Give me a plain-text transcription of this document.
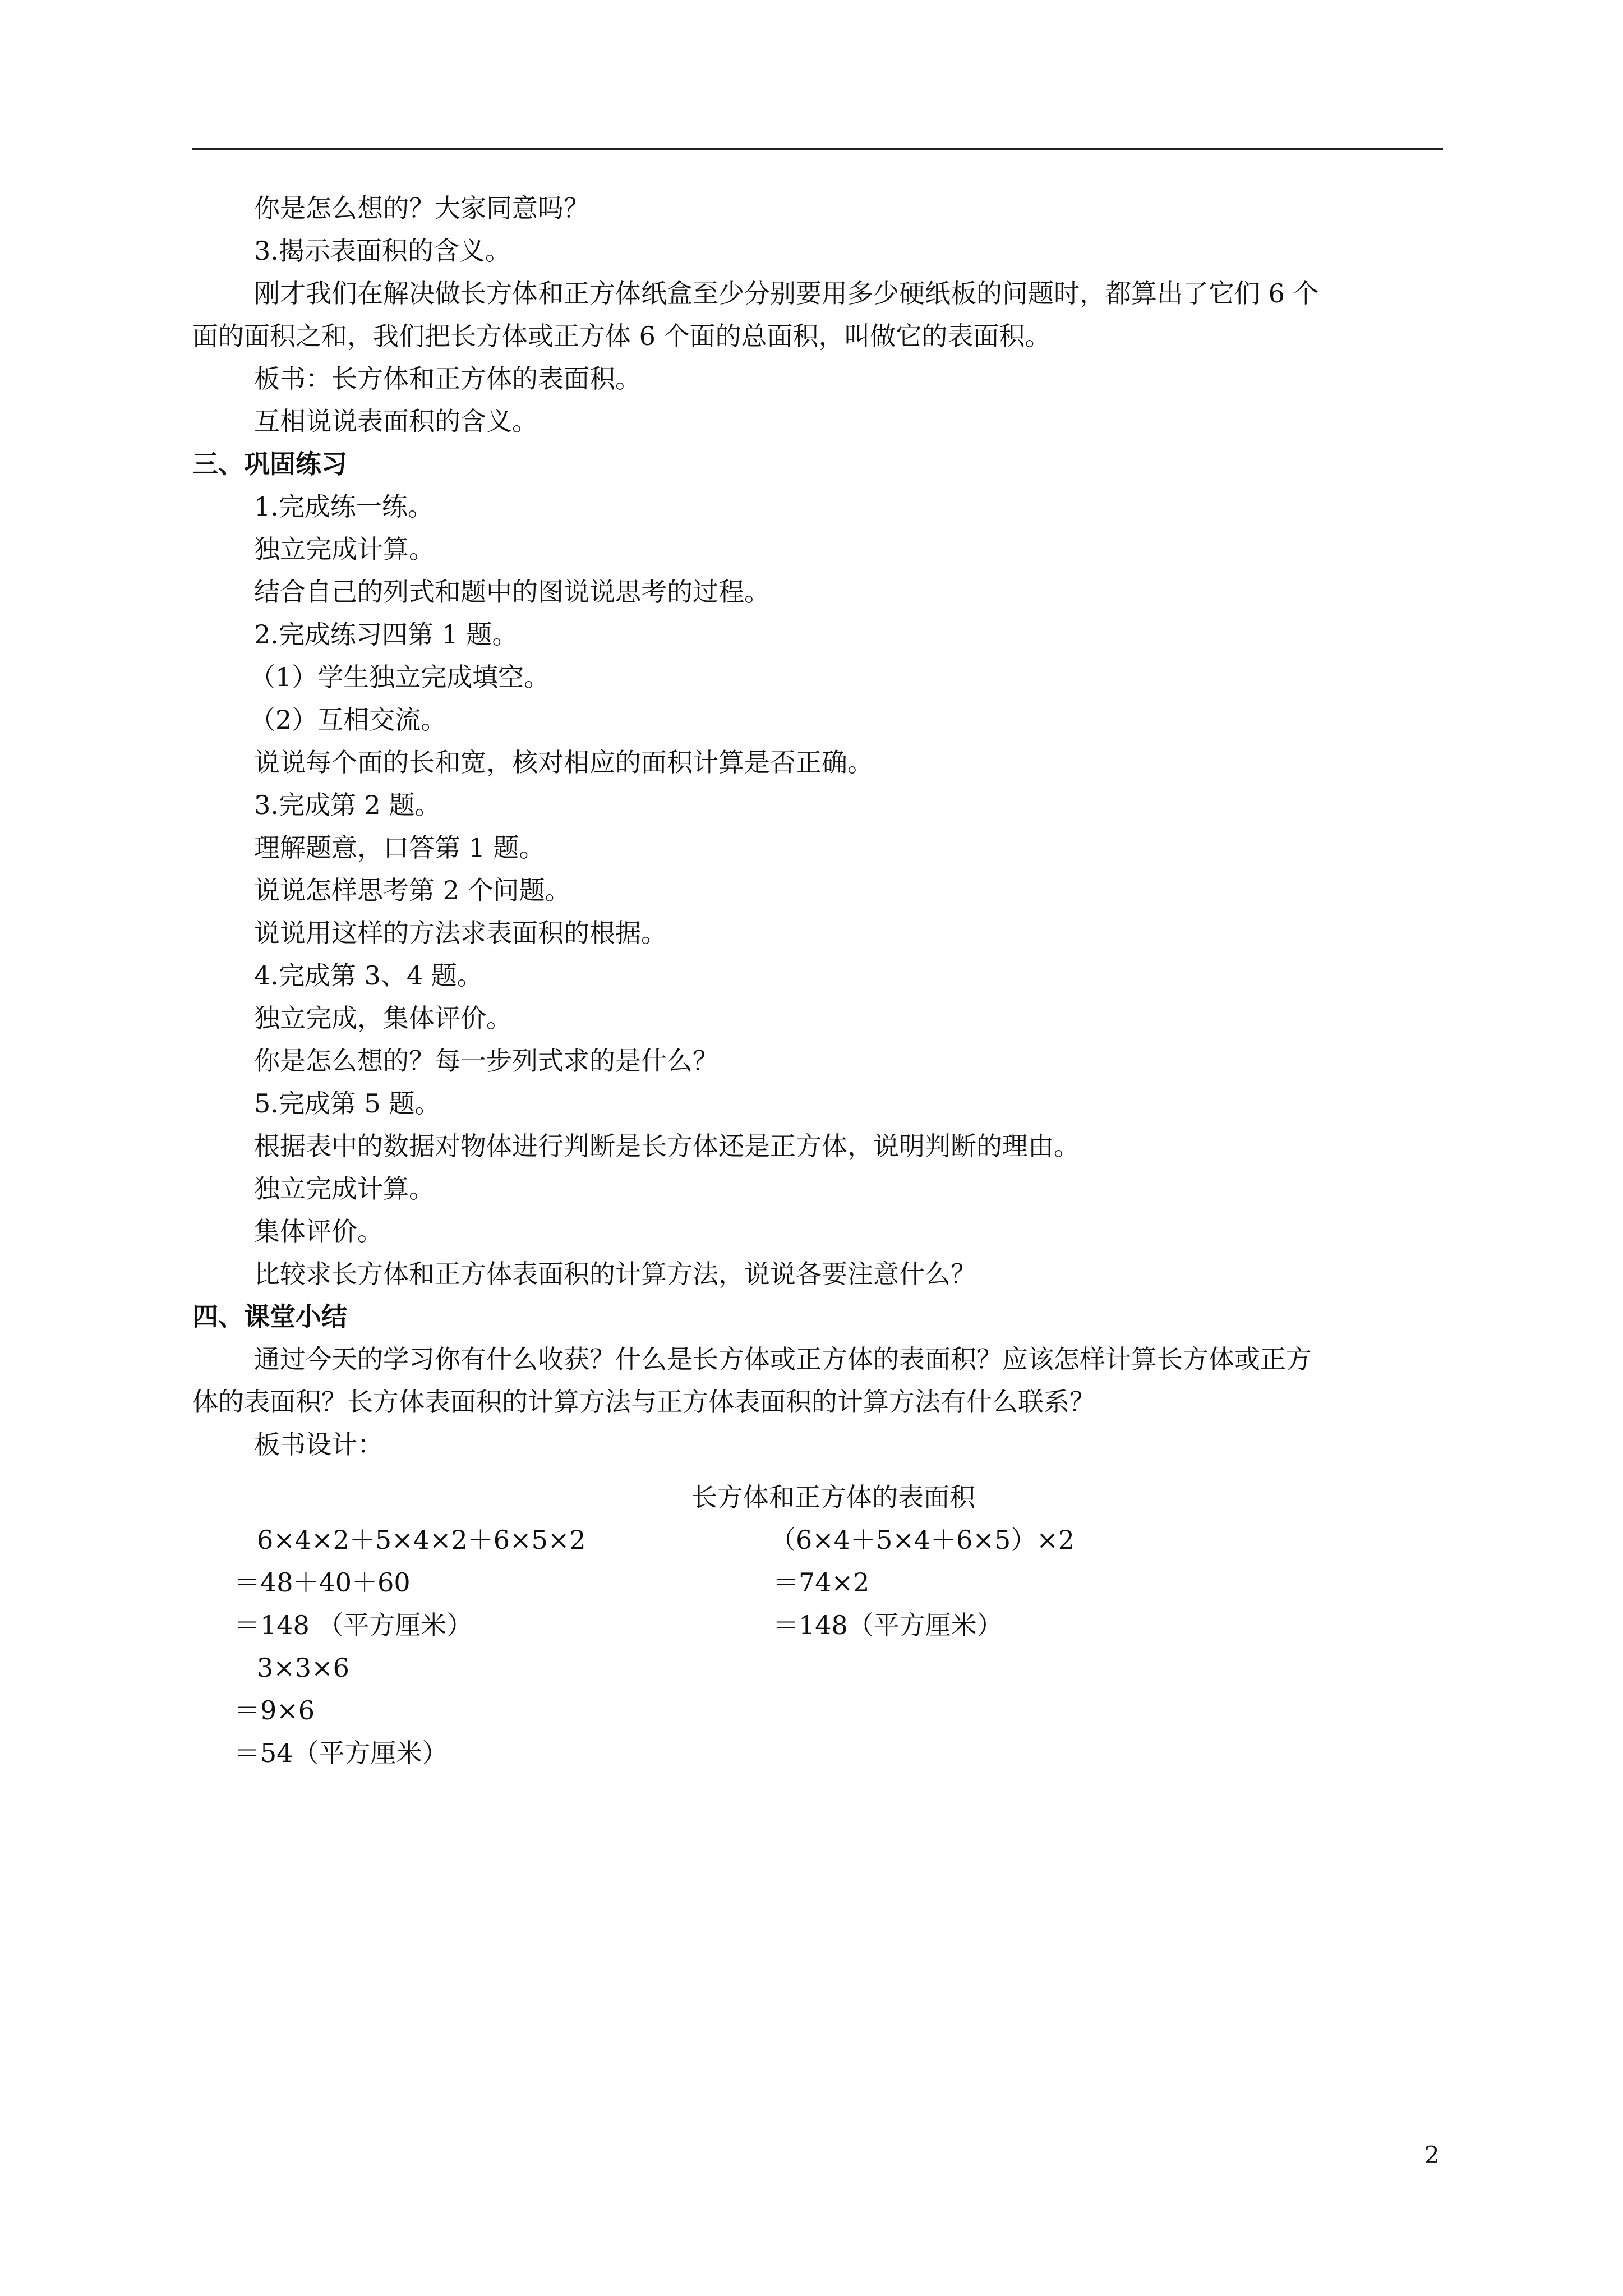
你是怎么想的？大家同意吗？
3.揭示表面积的含义。
刚才我们在解决做长方体和正方体纸盒至少分别要用多少硬纸板的问题时，都算出了它们 6 个
面的面积之和，我们把长方体或正方体 6 个面的总面积，叫做它的表面积。
板书：长方体和正方体的表面积。
互相说说表面积的含义。
三、巩固练习
1.完成练一练。
独立完成计算。
结合自己的列式和题中的图说说思考的过程。
2.完成练习四第 1 题。
（1）学生独立完成填空。
（2）互相交流。
说说每个面的长和宽，核对相应的面积计算是否正确。
3.完成第 2 题。
理解题意，口答第 1 题。
说说怎样思考第 2 个问题。
说说用这样的方法求表面积的根据。
4.完成第 3、4 题。
独立完成，集体评价。
你是怎么想的？每一步列式求的是什么？
5.完成第 5 题。
根据表中的数据对物体进行判断是长方体还是正方体，说明判断的理由。
独立完成计算。
集体评价。
比较求长方体和正方体表面积的计算方法，说说各要注意什么？
四、课堂小结
通过今天的学习你有什么收获？什么是长方体或正方体的表面积？应该怎样计算长方体或正方
体的表面积？长方体表面积的计算方法与正方体表面积的计算方法有什么联系？
板书设计：
长方体和正方体的表面积
6×4×2＋5×4×2＋6×5×2
＝48＋40＋60
＝148 （平方厘米）
3×3×6
＝9×6
＝54（平方厘米）
（6×4＋5×4＋6×5）×2
＝74×2
＝148（平方厘米）
2
